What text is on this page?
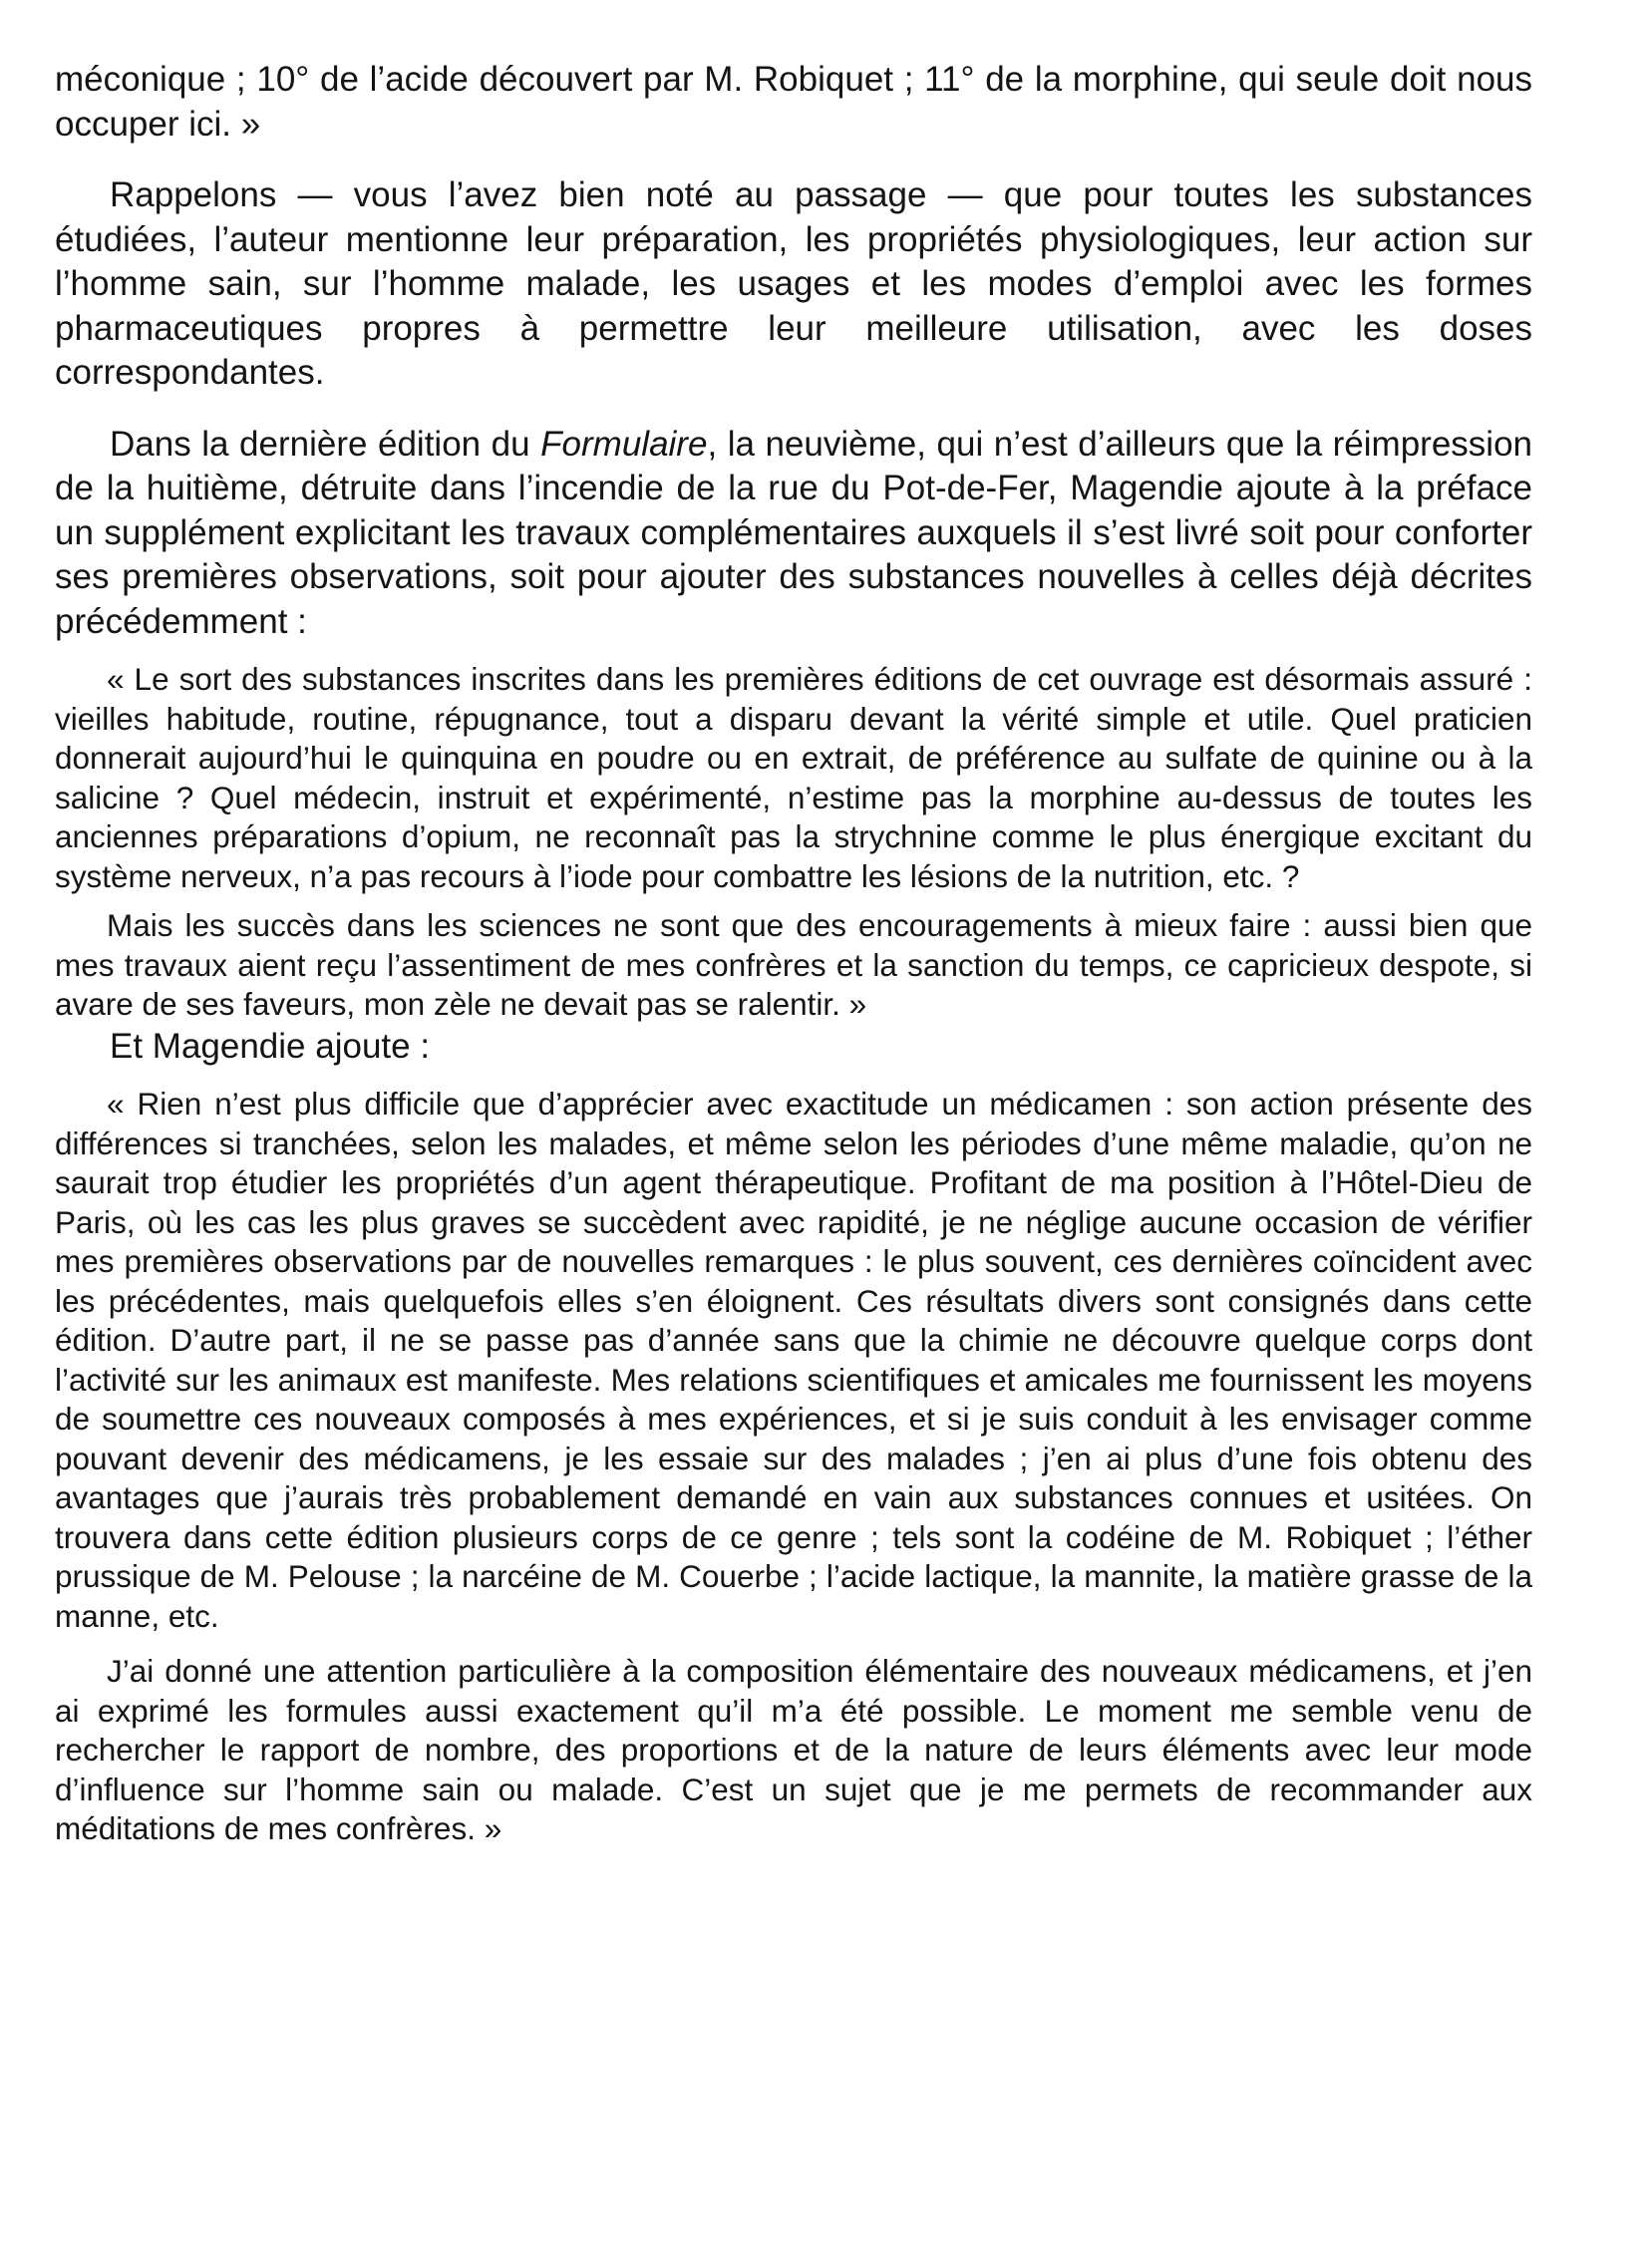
méconique ; 10° de l’acide découvert par M. Robiquet ; 11° de la morphine, qui seule doit nous occuper ici. »

Rappelons — vous l’avez bien noté au passage — que pour toutes les substances étudiées, l’auteur mentionne leur préparation, les propriétés physiologiques, leur action sur l’homme sain, sur l’homme malade, les usages et les modes d’emploi avec les formes pharmaceutiques propres à permettre leur meilleure utilisation, avec les doses correspondantes.

Dans la dernière édition du Formulaire, la neuvième, qui n’est d’ailleurs que la réimpression de la huitième, détruite dans l’incendie de la rue du Pot-de-Fer, Magendie ajoute à la préface un supplément explicitant les travaux complémentaires auxquels il s’est livré soit pour conforter ses premières observations, soit pour ajouter des substances nouvelles à celles déjà décrites précédemment :

« Le sort des substances inscrites dans les premières éditions de cet ouvrage est désormais assuré : vieilles habitude, routine, répugnance, tout a disparu devant la vérité simple et utile. Quel praticien donnerait aujourd’hui le quinquina en poudre ou en extrait, de préférence au sulfate de quinine ou à la salicine ? Quel médecin, instruit et expérimenté, n’estime pas la morphine au-dessus de toutes les anciennes préparations d’opium, ne reconnaît pas la strychnine comme le plus énergique excitant du système nerveux, n’a pas recours à l’iode pour combattre les lésions de la nutrition, etc. ?

Mais les succès dans les sciences ne sont que des encouragements à mieux faire : aussi bien que mes travaux aient reçu l’assentiment de mes confrères et la sanction du temps, ce capricieux despote, si avare de ses faveurs, mon zèle ne devait pas se ralentir. »

Et Magendie ajoute :

« Rien n’est plus difficile que d’apprécier avec exactitude un médicamen : son action présente des différences si tranchées, selon les malades, et même selon les périodes d’une même maladie, qu’on ne saurait trop étudier les propriétés d’un agent thérapeutique. Profitant de ma position à l’Hôtel-Dieu de Paris, où les cas les plus graves se succèdent avec rapidité, je ne néglige aucune occasion de vérifier mes premières observations par de nouvelles remarques : le plus souvent, ces dernières coïncident avec les précédentes, mais quelquefois elles s’en éloignent. Ces résultats divers sont consignés dans cette édition. D’autre part, il ne se passe pas d’année sans que la chimie ne découvre quelque corps dont l’activité sur les animaux est manifeste. Mes relations scientifiques et amicales me fournissent les moyens de soumettre ces nouveaux composés à mes expériences, et si je suis conduit à les envisager comme pouvant devenir des médicamens, je les essaie sur des malades ; j’en ai plus d’une fois obtenu des avantages que j’aurais très probablement demandé en vain aux substances connues et usitées. On trouvera dans cette édition plusieurs corps de ce genre ; tels sont la codéine de M. Robiquet ; l’éther prussique de M. Pelouse ; la narcéine de M. Couerbe ; l’acide lactique, la mannite, la matière grasse de la manne, etc.

J’ai donné une attention particulière à la composition élémentaire des nouveaux médicamens, et j’en ai exprimé les formules aussi exactement qu’il m’a été possible. Le moment me semble venu de rechercher le rapport de nombre, des proportions et de la nature de leurs éléments avec leur mode d’influence sur l’homme sain ou malade. C’est un sujet que je me permets de recommander aux méditations de mes confrères. »
